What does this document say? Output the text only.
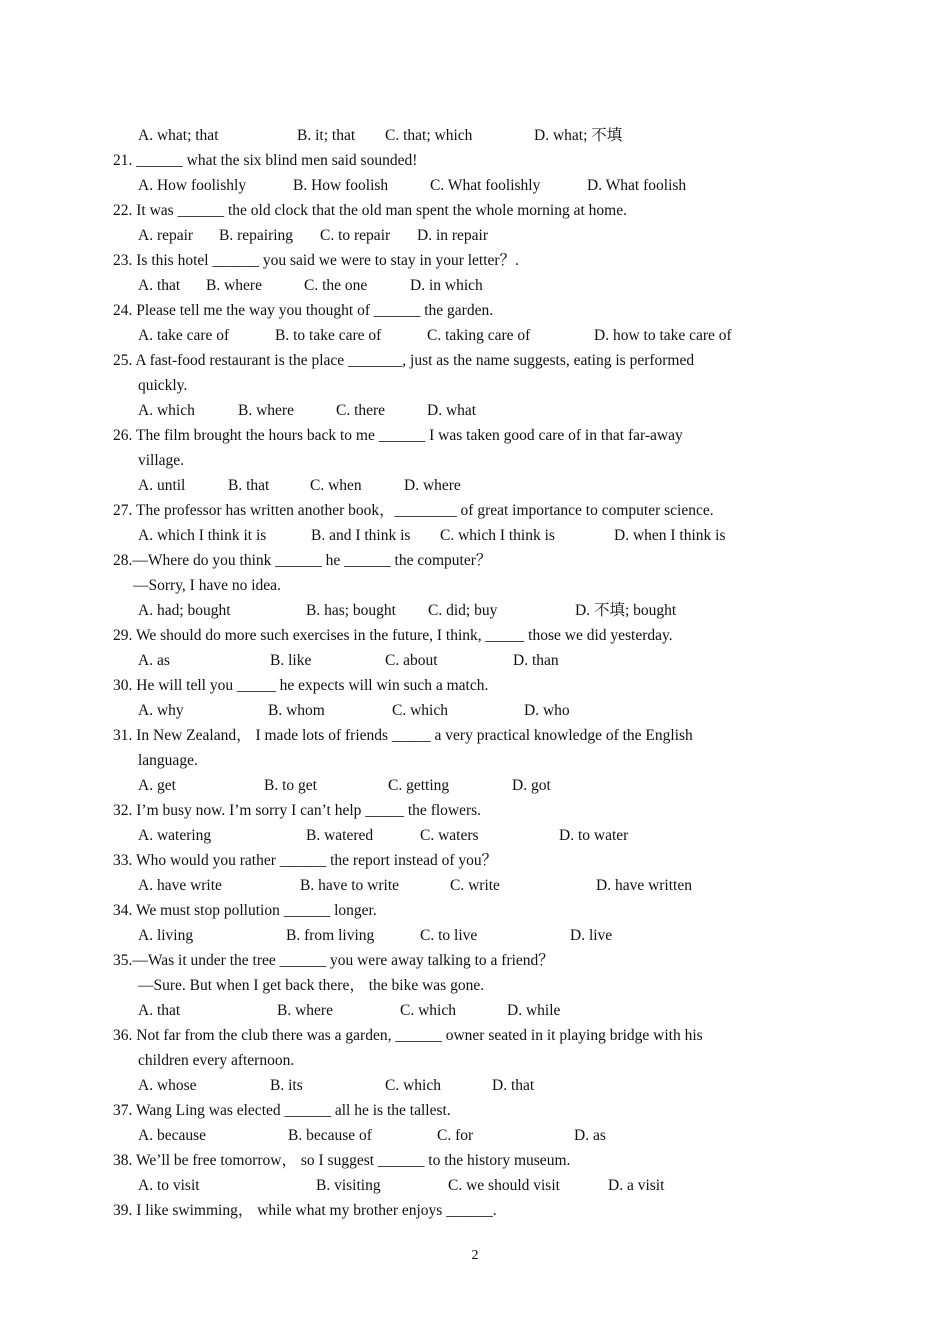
A. what; that	B. it; that C. that; which	D. what; 不填
21. ______ what the six blind men said sounded!
A. How foolishly	B. How foolish	C. What foolishly	D. What foolish
22. It was ______ the old clock that the old man spent the whole morning at home.
A. repair B. repairing C. to repair D. in repair
23. Is this hotel ______ you said we were to stay in your letter？.
A. that B. where	C. the one	D. in which
24. Please tell me the way you thought of ______ the garden.
A. take care of	B. to take care of	C. taking care of	D. how to take care of
25. A fast-food restaurant is the place _______, just as the name suggests, eating is performed
quickly.
A. which	B. where	C. there	D. what
26. The film brought the hours back to me ______ I was taken good care of in that far-away
village.
A. until	B. that	C. when	D. where
27. The professor has written another book，________ of great importance to computer science.
A. which I think it is	B. and I think is C. which I think is	D. when I think is
28.—Where do you think ______ he ______ the computer？
—Sorry, I have no idea.
A. had; bought	B. has; bought C. did; buy	D. 不填; bought
29. We should do more such exercises in the future, I think, _____ those we did yesterday.
A. as	B. like	C. about	D. than
30. He will tell you _____ he expects will win such a match.
A. why	B. whom	C. which	D. who
31. In New Zealand， I made lots of friends _____ a very practical knowledge of the English
language.
A. get	B. to get	C. getting	D. got
32. I’m busy now. I’m sorry I can’t help _____ the flowers.
A. watering	B. watered	C. waters	D. to water
33. Who would you rather ______ the report instead of you？
A. have write	B. have to write	C. write	D. have written
34. We must stop pollution ______ longer.
A. living	B. from living	C. to live	D. live
35.—Was it under the tree ______ you were away talking to a friend？
—Sure. But when I get back there， the bike was gone.
A. that	B. where	C. which	D. while
36. Not far from the club there was a garden, ______ owner seated in it playing bridge with his
children every afternoon.
A. whose	B. its	C. which	D. that
37. Wang Ling was elected ______ all he is the tallest.
A. because	B. because of	C. for	D. as
38. We’ll be free tomorrow， so I suggest ______ to the history museum.
A. to visit	B. visiting	C. we should visit	D. a visit
39. I like swimming， while what my brother enjoys ______.
2
